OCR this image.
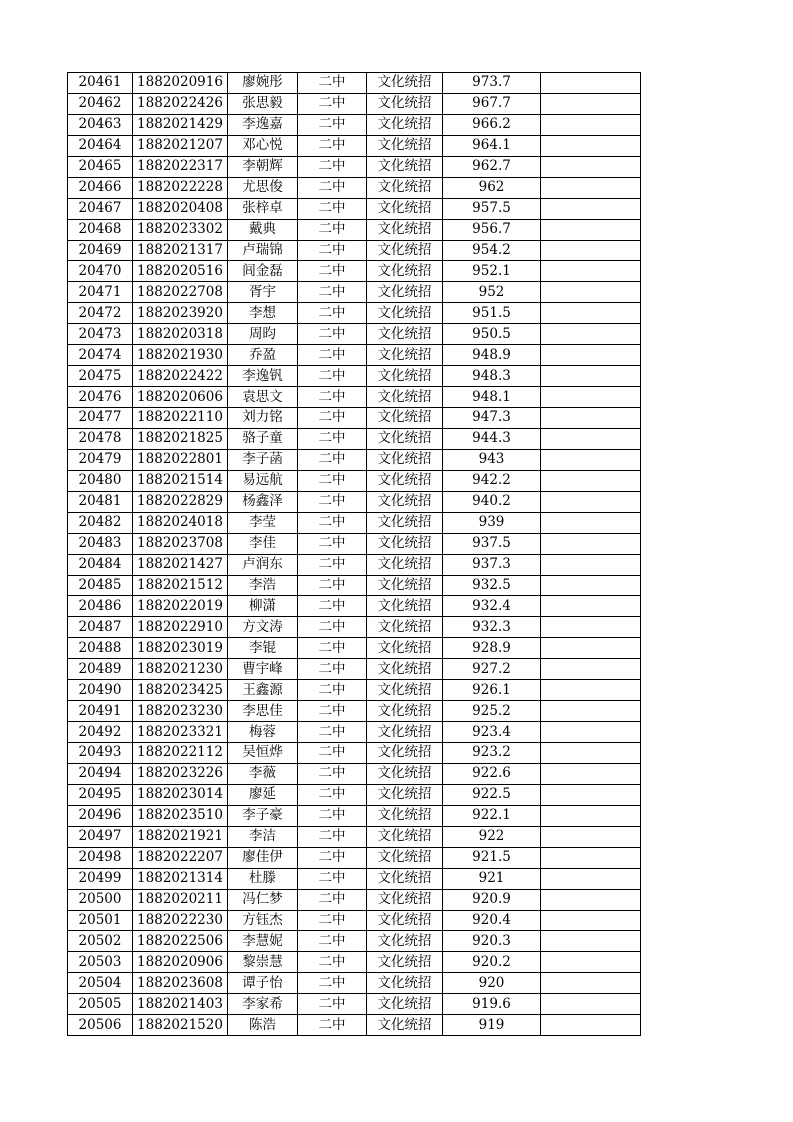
20461	1882020916	廖婉彤	二中	文化统招	973.7	
20462	1882022426	张思毅	二中	文化统招	967.7	
20463	1882021429	李逸嘉	二中	文化统招	966.2	
20464	1882021207	邓心悦	二中	文化统招	964.1	
20465	1882022317	李朝辉	二中	文化统招	962.7	
20466	1882022228	尤思俊	二中	文化统招	962	
20467	1882020408	张梓卓	二中	文化统招	957.5	
20468	1882023302	戴典	二中	文化统招	956.7	
20469	1882021317	卢瑞锦	二中	文化统招	954.2	
20470	1882020516	闾金磊	二中	文化统招	952.1	
20471	1882022708	胥宇	二中	文化统招	952	
20472	1882023920	李想	二中	文化统招	951.5	
20473	1882020318	周昀	二中	文化统招	950.5	
20474	1882021930	乔盈	二中	文化统招	948.9	
20475	1882022422	李逸钒	二中	文化统招	948.3	
20476	1882020606	袁思文	二中	文化统招	948.1	
20477	1882022110	刘力铭	二中	文化统招	947.3	
20478	1882021825	骆子童	二中	文化统招	944.3	
20479	1882022801	李子菡	二中	文化统招	943	
20480	1882021514	易远航	二中	文化统招	942.2	
20481	1882022829	杨鑫泽	二中	文化统招	940.2	
20482	1882024018	李莹	二中	文化统招	939	
20483	1882023708	李佳	二中	文化统招	937.5	
20484	1882021427	卢润东	二中	文化统招	937.3	
20485	1882021512	李浩	二中	文化统招	932.5	
20486	1882022019	柳潇	二中	文化统招	932.4	
20487	1882022910	方文涛	二中	文化统招	932.3	
20488	1882023019	李锟	二中	文化统招	928.9	
20489	1882021230	曹宇峰	二中	文化统招	927.2	
20490	1882023425	王鑫源	二中	文化统招	926.1	
20491	1882023230	李思佳	二中	文化统招	925.2	
20492	1882023321	梅蓉	二中	文化统招	923.4	
20493	1882022112	吴恒烨	二中	文化统招	923.2	
20494	1882023226	李薇	二中	文化统招	922.6	
20495	1882023014	廖延	二中	文化统招	922.5	
20496	1882023510	李子豪	二中	文化统招	922.1	
20497	1882021921	李洁	二中	文化统招	922	
20498	1882022207	廖佳伊	二中	文化统招	921.5	
20499	1882021314	杜滕	二中	文化统招	921	
20500	1882020211	冯仁梦	二中	文化统招	920.9	
20501	1882022230	方钰杰	二中	文化统招	920.4	
20502	1882022506	李慧妮	二中	文化统招	920.3	
20503	1882020906	黎崇慧	二中	文化统招	920.2	
20504	1882023608	谭子怡	二中	文化统招	920	
20505	1882021403	李家希	二中	文化统招	919.6	
20506	1882021520	陈浩	二中	文化统招	919	
